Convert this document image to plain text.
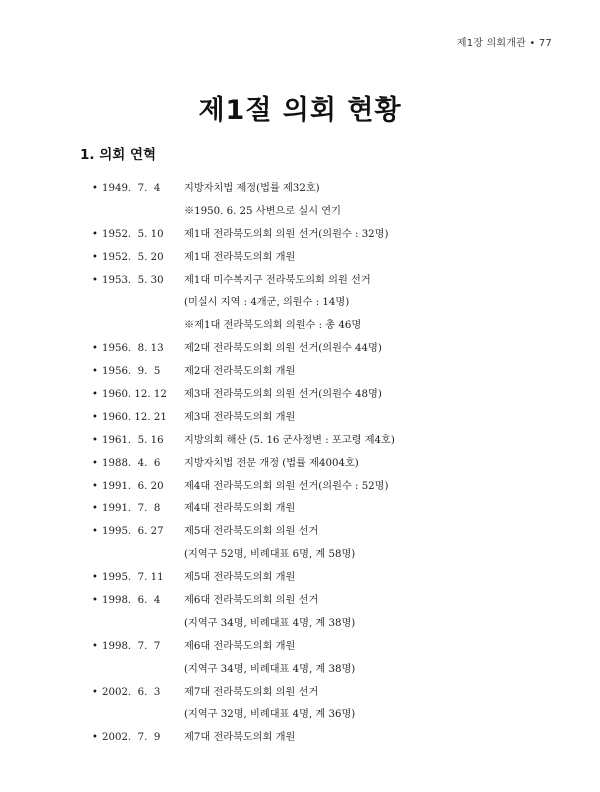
제1장 의회개관 • 77
제1절 의회 현황
1. 의회 연혁
• 1949.  7.  4	지방자치법 제정(법률 제32호)
※1950. 6. 25 사변으로 실시 연기
• 1952.  5. 10	제1대 전라북도의회 의원 선거(의원수 : 32명)
• 1952.  5. 20	제1대 전라북도의회 개원
• 1953.  5. 30	제1대 미수복지구 전라북도의회 의원 선거
(미실시 지역 : 4개군, 의원수 : 14명)
※제1대 전라북도의회 의원수 : 총 46명
• 1956.  8. 13	제2대 전라북도의회 의원 선거(의원수 44명)
• 1956.  9.  5	제2대 전라북도의회 개원
• 1960. 12. 12	제3대 전라북도의회 의원 선거(의원수 48명)
• 1960. 12. 21	제3대 전라북도의회 개원
• 1961.  5. 16	지방의회 해산 (5. 16 군사정변 : 포고령 제4호)
• 1988.  4.  6	지방자치법 전문 개정 (법률 제4004호)
• 1991.  6. 20	제4대 전라북도의회 의원 선거(의원수 : 52명)
• 1991.  7.  8	제4대 전라북도의회 개원
• 1995.  6. 27	제5대 전라북도의회 의원 선거
(지역구 52명, 비례대표 6명, 계 58명)
• 1995.  7. 11	제5대 전라북도의회 개원
• 1998.  6.  4	제6대 전라북도의회 의원 선거
(지역구 34명, 비례대표 4명, 계 38명)
• 1998.  7.  7	제6대 전라북도의회 개원
(지역구 34명, 비례대표 4명, 계 38명)
• 2002.  6.  3	제7대 전라북도의회 의원 선거
(지역구 32명, 비례대표 4명, 계 36명)
• 2002.  7.  9	제7대 전라북도의회 개원
